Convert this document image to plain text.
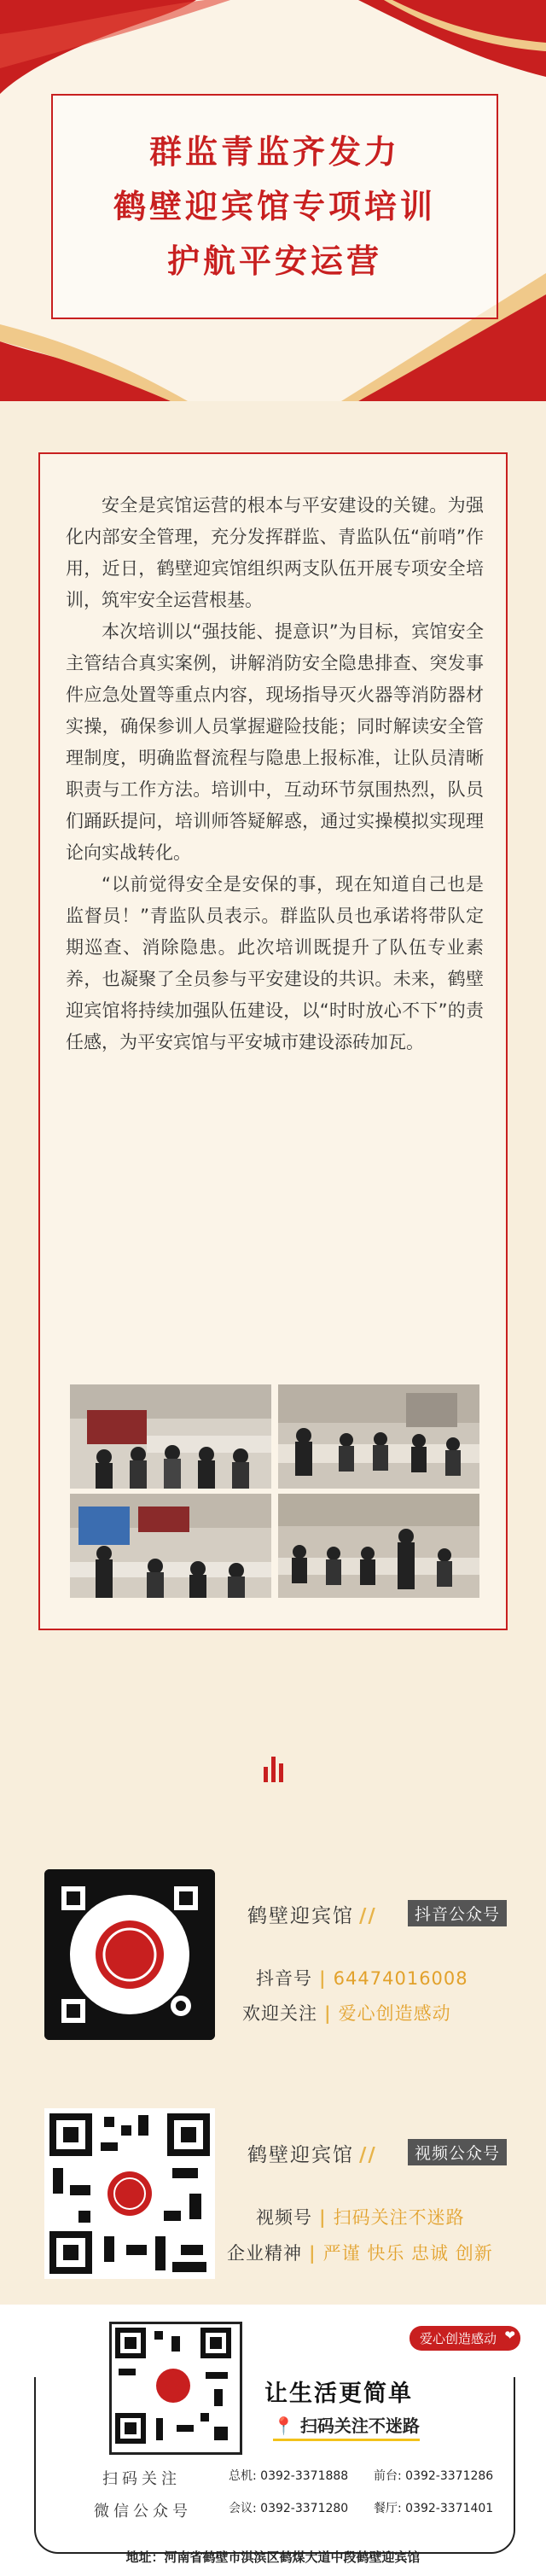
群监青监齐发力
鹤壁迎宾馆专项培训
护航平安运营

安全是宾馆运营的根本与平安建设的关键。为强化内部安全管理，充分发挥群监、青监队伍“前哨”作用，近日，鹤壁迎宾馆组织两支队伍开展专项安全培训，筑牢安全运营根基。

本次培训以“强技能、提意识”为目标，宾馆安全主管结合真实案例，讲解消防安全隐患排查、突发事件应急处置等重点内容，现场指导灭火器等消防器材实操，确保参训人员掌握避险技能；同时解读安全管理制度，明确监督流程与隐患上报标准，让队员清晰职责与工作方法。培训中，互动环节氛围热烈，队员们踊跃提问，培训师答疑解惑，通过实操模拟实现理论向实战转化。

“以前觉得安全是安保的事，现在知道自己也是监督员！”青监队员表示。群监队员也承诺将带队定期巡查、消除隐患。此次培训既提升了队伍专业素养，也凝聚了全员参与平安建设的共识。未来，鹤壁迎宾馆将持续加强队伍建设，以“时时放心不下”的责任感，为平安宾馆与平安城市建设添砖加瓦。

鹤壁迎宾馆 //	抖音公众号
抖音号 | 64474016008
欢迎关注 | 爱心创造感动
鹤壁迎宾馆 //	视频公众号
视频号 | 扫码关注不迷路
企业精神 | 严谨 快乐 忠诚 创新
爱心创造感动 ❤
让生活更简单
📍 扫码关注不迷路
扫码关注
微信公众号
总机: 0392-3371888 前台: 0392-3371286
会议: 0392-3371280 餐厅: 0392-3371401
地址：河南省鹤壁市淇滨区鹤煤大道中段鹤壁迎宾馆
